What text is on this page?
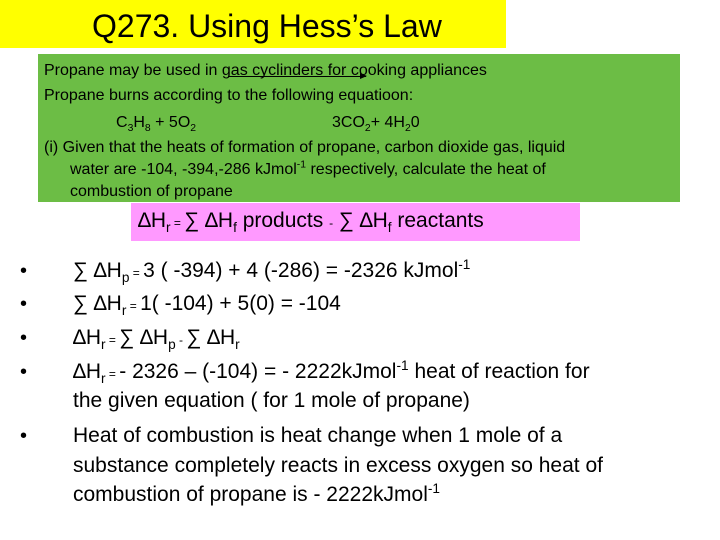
Q273. Using Hess’s Law
Propane may be used in gas cyclinders for cooking appliances
Propane burns according to the following equatioon:
$C_3H_8 + 5O_2$	$3CO_2+ 4H_20$
(i) Given that the heats of formation of propane, carbon dioxide gas, liquid
water are -104, -394,-286 kJmol$^{-1}$ respectively, calculate the heat of
combustion of propane
$\Delta H_r$ = ∑ $\Delta H_f$ products - ∑ $\Delta H_f$ reactants
• ∑ $\Delta H_p = 3$ ( -394) + 4 (-286) = -2326 kJmol$^{-1}$
• ∑ $\Delta H_r = 1$( -104) + 5(0) = -104
• $\Delta H_r$ = ∑ $\Delta H_p$ - ∑ $\Delta H_r$
• $\Delta H_r$ = - 2326 – (-104) = - 2222kJmol$^{-1}$ heat of reaction for
the given equation ( for 1 mole of propane)
• Heat of combustion is heat change when 1 mole of a
substance completely reacts in excess oxygen so heat of
combustion of propane is - 2222kJmol$^{-1}$
